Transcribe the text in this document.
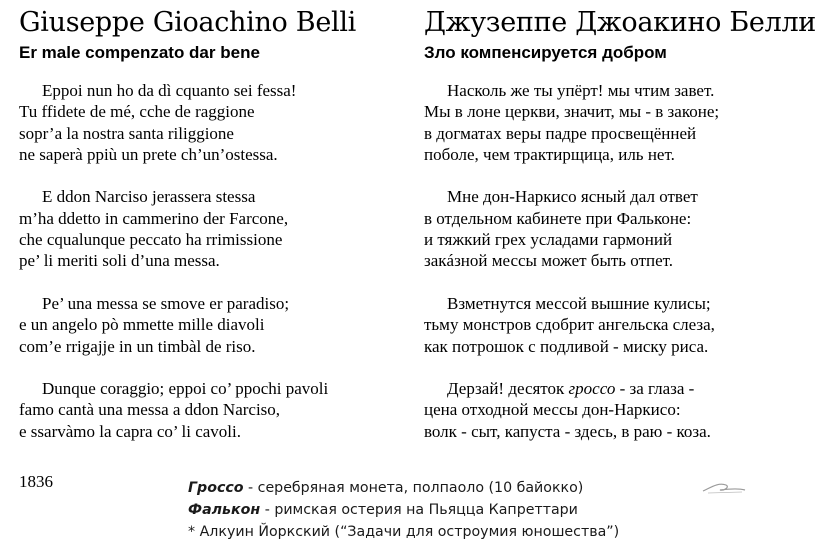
Giuseppe Gioachino Belli
Er male compenzato dar bene
Eppoi nun ho da dì cquanto sei fessa!
Tu ffidete de mé, cche de raggione
sopr’a la nostra santa riliggione
ne saperà ppiù un prete ch’un’ostessa.
E ddon Narciso jerassera stessa
m’ha ddetto in cammerino der Farcone,
che cqualunque peccato ha rrimissione
pe’ li meriti soli d’una messa.
Pe’ una messa se smove er paradiso;
e un angelo pò mmette mille diavoli
com’e rrigajje in un timbàl de riso.
Dunque coraggio; eppoi co’ ppochi pavoli
famo cantà una messa a ddon Narciso,
e ssarvàmo la capra co’ li cavoli.
Джузеппе Джоакино Белли
Зло компенсируется добром
Насколь же ты упёрт! мы чтим завет.
Мы в лоне церкви, значит, мы - в законе;
в догматах веры падре просвещённей
поболе, чем трактирщица, иль нет.
Мне дон-Наркисо ясный дал ответ
в отдельном кабинете при Фальконе:
и тяжкий грех усладами гармоний
закáзной мессы может быть отпет.
Взметнутся мессой вышние кулисы;
тьму монстров сдобрит ангельска слеза,
как потрошок с подливой - миску риса.
Дерзай! десяток гроссо - за глаза -
цена отходной мессы дон-Наркисо:
волк - сыт, капуста - здесь, в раю - коза.
1836	Гроссо - серебряная монета, полпаоло (10 байокко)
Фалькон - римская остерия на Пьяцца Капреттари
* Алкуин Йоркский (“Задачи для остроумия юношества”)
